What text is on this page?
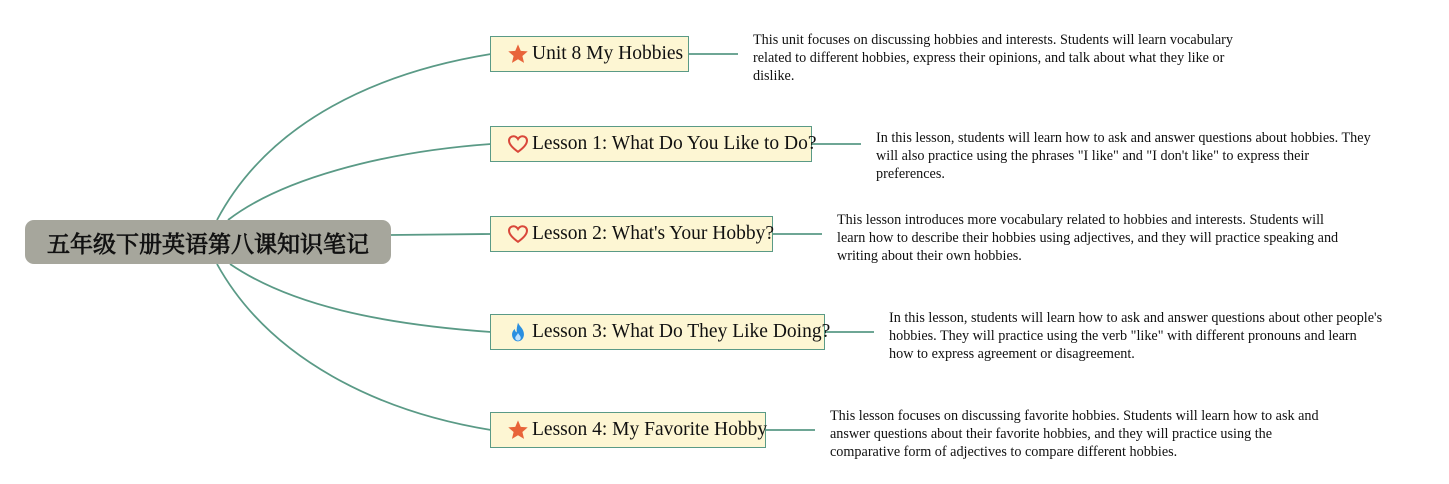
五年级下册英语第八课知识笔记
Unit 8 My Hobbies
This unit focuses on discussing hobbies and interests. Students will learn vocabulary related to different hobbies, express their opinions, and talk about what they like or dislike.
Lesson 1: What Do You Like to Do?	In this lesson, students will learn how to ask and answer questions about hobbies. They will also practice using the phrases "I like" and "I don't like" to express their preferences.
Lesson 2: What's Your Hobby?
This lesson introduces more vocabulary related to hobbies and interests. Students will learn how to describe their hobbies using adjectives, and they will practice speaking and writing about their own hobbies.
Lesson 3: What Do They Like Doing?
In this lesson, students will learn how to ask and answer questions about other people's hobbies. They will practice using the verb "like" with different pronouns and learn how to express agreement or disagreement.
Lesson 4: My Favorite Hobby
This lesson focuses on discussing favorite hobbies. Students will learn how to ask and answer questions about their favorite hobbies, and they will practice using the comparative form of adjectives to compare different hobbies.
